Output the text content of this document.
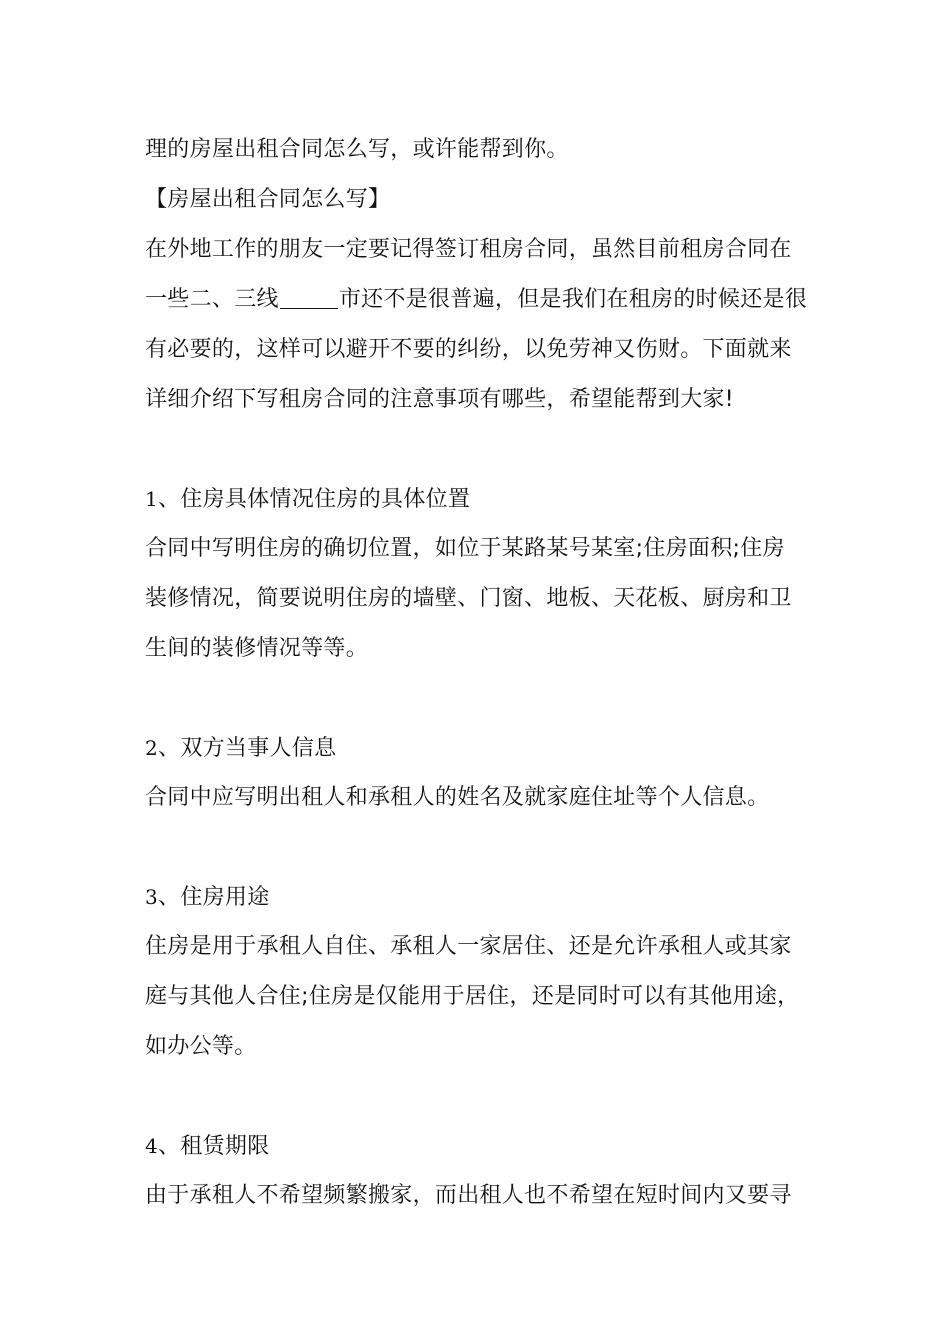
理的房屋出租合同怎么写，或许能帮到你。
【房屋出租合同怎么写】
在外地工作的朋友一定要记得签订租房合同，虽然目前租房合同在
一些二、三线	市还不是很普遍，但是我们在租房的时候还是很
有必要的，这样可以避开不要的纠纷，以免劳神又伤财。下面就来
详细介绍下写租房合同的注意事项有哪些，希望能帮到大家!
1、住房具体情况住房的具体位置
合同中写明住房的确切位置，如位于某路某号某室;住房面积;住房
装修情况，简要说明住房的墙壁、门窗、地板、天花板、厨房和卫
生间的装修情况等等。
2、双方当事人信息
合同中应写明出租人和承租人的姓名及就家庭住址等个人信息。
3、住房用途
住房是用于承租人自住、承租人一家居住、还是允许承租人或其家
庭与其他人合住;住房是仅能用于居住，还是同时可以有其他用途，
如办公等。
4、租赁期限
由于承租人不希望频繁搬家，而出租人也不希望在短时间内又要寻
